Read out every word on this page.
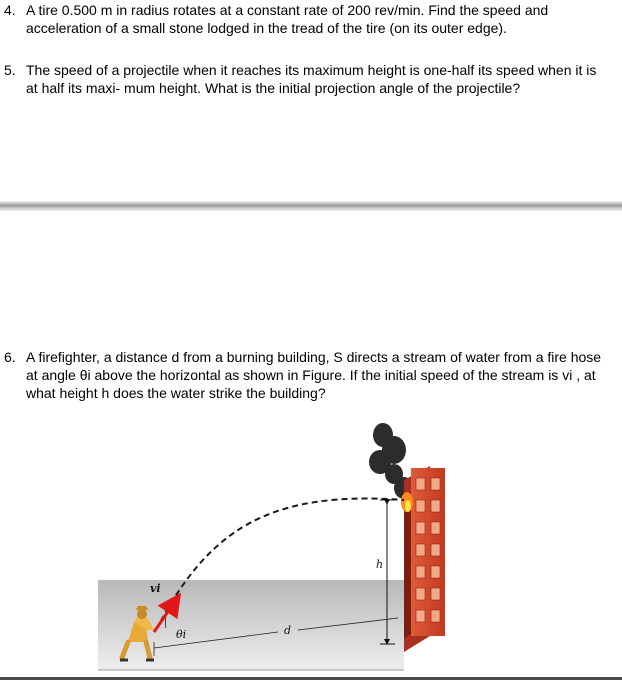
4. A tire 0.500 m in radius rotates at a constant rate of 200 rev/min. Find the speed and acceleration of a small stone lodged in the tread of the tire (on its outer edge).
5. The speed of a projectile when it reaches its maximum height is one-half its speed when it is at half its maxi- mum height. What is the initial projection angle of the projectile?
6. A firefighter, a distance d from a burning building, S directs a stream of water from a fire hose at angle θi above the horizontal as shown in Figure. If the initial speed of the stream is vi , at what height h does the water strike the building?
h
d
θi
vi
